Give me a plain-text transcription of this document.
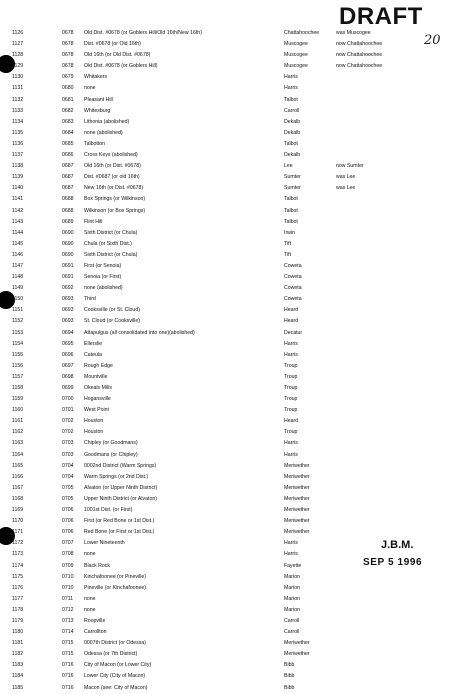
DRAFT
20
1126	0678 Old Dist. #0678 (or Goblers Hill/Old 16th/New 16th)	Chattahoochee	was Muscogee
1127	0678 Dist. #0678 (or Old 16th)	Muscogee	now Chattahoochee
1128	0678 Old 16th (or Old Dist. #0678)	Muscogee	now Chattahoochee
1129	0678 Old Dist. #0678 (or Goblers Hill)	Muscogee	now Chattahoochee
1130	0679 Whitakers	Harris
1131	0680 none	Harris
1132	0681 Pleasant Hill	Talbot
1133	0682 Whitesburg	Carroll
1134	0683 Lithonia (abolished)	Dekalb
1135	0684 none (abolished)	Dekalb
1136	0685 Talbotton	Talbot
1137	0686 Cross Keys (abolished)	Dekalb
1138	0687 Old 16th (or Dist. #0678)	Lee	now Sumter
1139	0687 Dist. #0687 (or old 16th)	Sumter	was Lee
1140	0687 New 16th (or Dist. #0678)	Sumter	was Lee
1141	0688 Box Springs (or Wilkinson)	Talbot
1142	0688 Wilkinson (or Box Springs)	Talbot
1143	0689 Flint Hill	Talbot
1144	0690 Sixth District (or Chula)	Irwin
1145	0690 Chula (or Sixth Dist.)	Tift
1146	0690 Sixth District (or Chula)	Tift
1147	0691 First (or Senoia)	Coweta
1148	0691 Senoia (or First)	Coweta
1149	0692 none (abolished)	Coweta
1150	0693 Third	Coweta
1151	0693 Cooksville (or St. Cloud)	Heard
1152	0693 St. Cloud (or Cooksville)	Heard
1153	0694 Attapulgus (all consolidated into one)(abolished)	Decatur
1154	0695 Ellerslie	Harris
1155	0696 Cateula	Harris
1156	0697 Rough Edge	Troup
1157	0698 Mountville	Troup
1158	0699 Okeals Mills	Troup
1159	0700 Hogansville	Troup
1160	0701 West Point	Troup
1161	0702 Houston	Heard
1162	0702 Houston	Troup
1163	0703 Chipley (or Goodmans)	Harris
1164	0703 Goodmans (or Chipley)	Harris
1165	0704 0002nd District (Warm Springs)	Meriwether
1166	0704 Warm Springs (or 2nd Dist.)	Meriwether
1167	0705 Alvaton (or Upper Ninth District)	Meriwether
1168	0705 Upper Ninth District (or Alvaton)	Meriwether
1169	0706 1001st Dist. (or First)	Meriwether
1170	0706 First (or Red Bone or 1st Dist.)	Meriwether
1171	0706 Red Bone (or First or 1st Dist.)	Meriwether
1172	0707 Lower Nineteenth	Harris
1173	0708 none	Harris
1174	0709 Black Rock	Fayette
1175	0710 Kinchafoonee (or Pineville)	Marion
1176	0710 Pineville (or Kinchafoonee)	Marion
1177	0711 none	Marion
1178	0712 none	Marion
1179	0713 Roopville	Carroll
1180	0714 Carrollton	Carroll
1181	0715 0007th District (or Odessa)	Meriwether
1182	0715 Odessa (or 7th District)	Meriwether
1183	0716 City of Macon (or Lower City)	Bibb
1184	0716 Lower City (City of Macon)	Bibb
1185	0716 Macon (see: City of Macon)	Bibb
J.B.M.
SEP 5 1996
